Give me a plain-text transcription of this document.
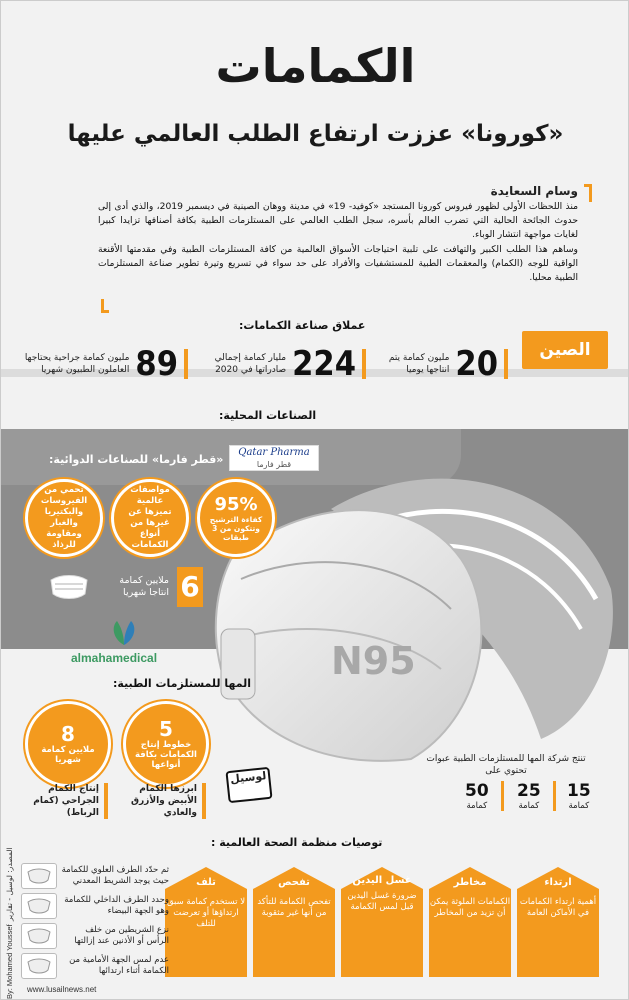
الكمامات
«كورونا» عززت ارتفاع الطلب العالمي عليها
وسام السعايدة

منذ اللحظات الأولى لظهور فيروس كورونا المستجد «كوفيد- 19» في مدينة ووهان الصينية في ديسمبر 2019، والذي أدى إلى حدوث الجائحة الحالية التي تضرب العالم بأسره، سجل الطلب العالمي على المستلزمات الطبية بكافة أصنافها تزايدا كبيرا لغايات مواجهة انتشار الوباء.

وساهم هذا الطلب الكبير والتهافت على تلبية احتياجات الأسواق العالمية من كافة المستلزمات الطبية وفي مقدمتها الأقنعة الواقية للوجه (الكمام) والمعقمات الطبية للمستشفيات والأفراد على حد سواء في تسريع وتيرة تطوير صناعة المستلزمات الطبية محليا.

عملاق صناعة الكمامات:
الصين
20
مليون كمامة يتم انتاجها يوميا
224
مليار كمامة إجمالي صادراتها في 2020
89
مليون كمامة جراحية يحتاجها العاملون الطبيون شهريا
الصناعات المحلية:
Qatar Pharma
قطر فارما
«قطر فارما» للصناعات الدوائية:
N95
95%
كفاءة الترشيح وتتكون من 3 طبقات
مواصفات عالمية تميزها عن غيرها من أنواع الكمامات
تحمي من الفيروسات والبكتيريا والغبار ومقاومة للرذاذ
6
ملايين كمامة انتاجا شهريا
almahamedical
المها للمستلزمات الطبية:
5
خطوط إنتاج الكمامات بكافة أنواعها
8
ملايين كمامة شهريا
ابرزها الكمام الأبيض والأزرق والعادي
إنتاج الكمام الجراحي (كمام الرباط)
لوسيل
تنتج شركة المها للمستلزمات الطبية عبوات تحتوي على
15
كمامة
25
كمامة
50
كمامة
توصيات منظمة الصحة العالمية :
ارتداء
أهمية ارتداء الكمامات في الأماكن العامة
مخاطر
الكمامات الملوثة يمكن أن تزيد من المخاطر
غسل اليدين
ضرورة غسل اليدين قبل لمس الكمامة
تفحص
تفحص الكمامة للتأكد من أنها غير مثقوبة
تلف
لا تستخدم كمامة سبق ارتداؤها أو تعرضت للتلف
ثم حدّد الطرف العلوي للكمامة حيث يوجد الشريط المعدني
وحدد الطرف الداخلي للكمامة وهو الجهة البيضاء
نزع الشريطين من خلف الرأس أو الأذنين عند إزالتها
عدم لمس الجهة الأمامية من الكمامة أثناء ارتدائها
المصدر: لوسيل - تقارير
By: Mohamed Youssef www.lusailnews.net
